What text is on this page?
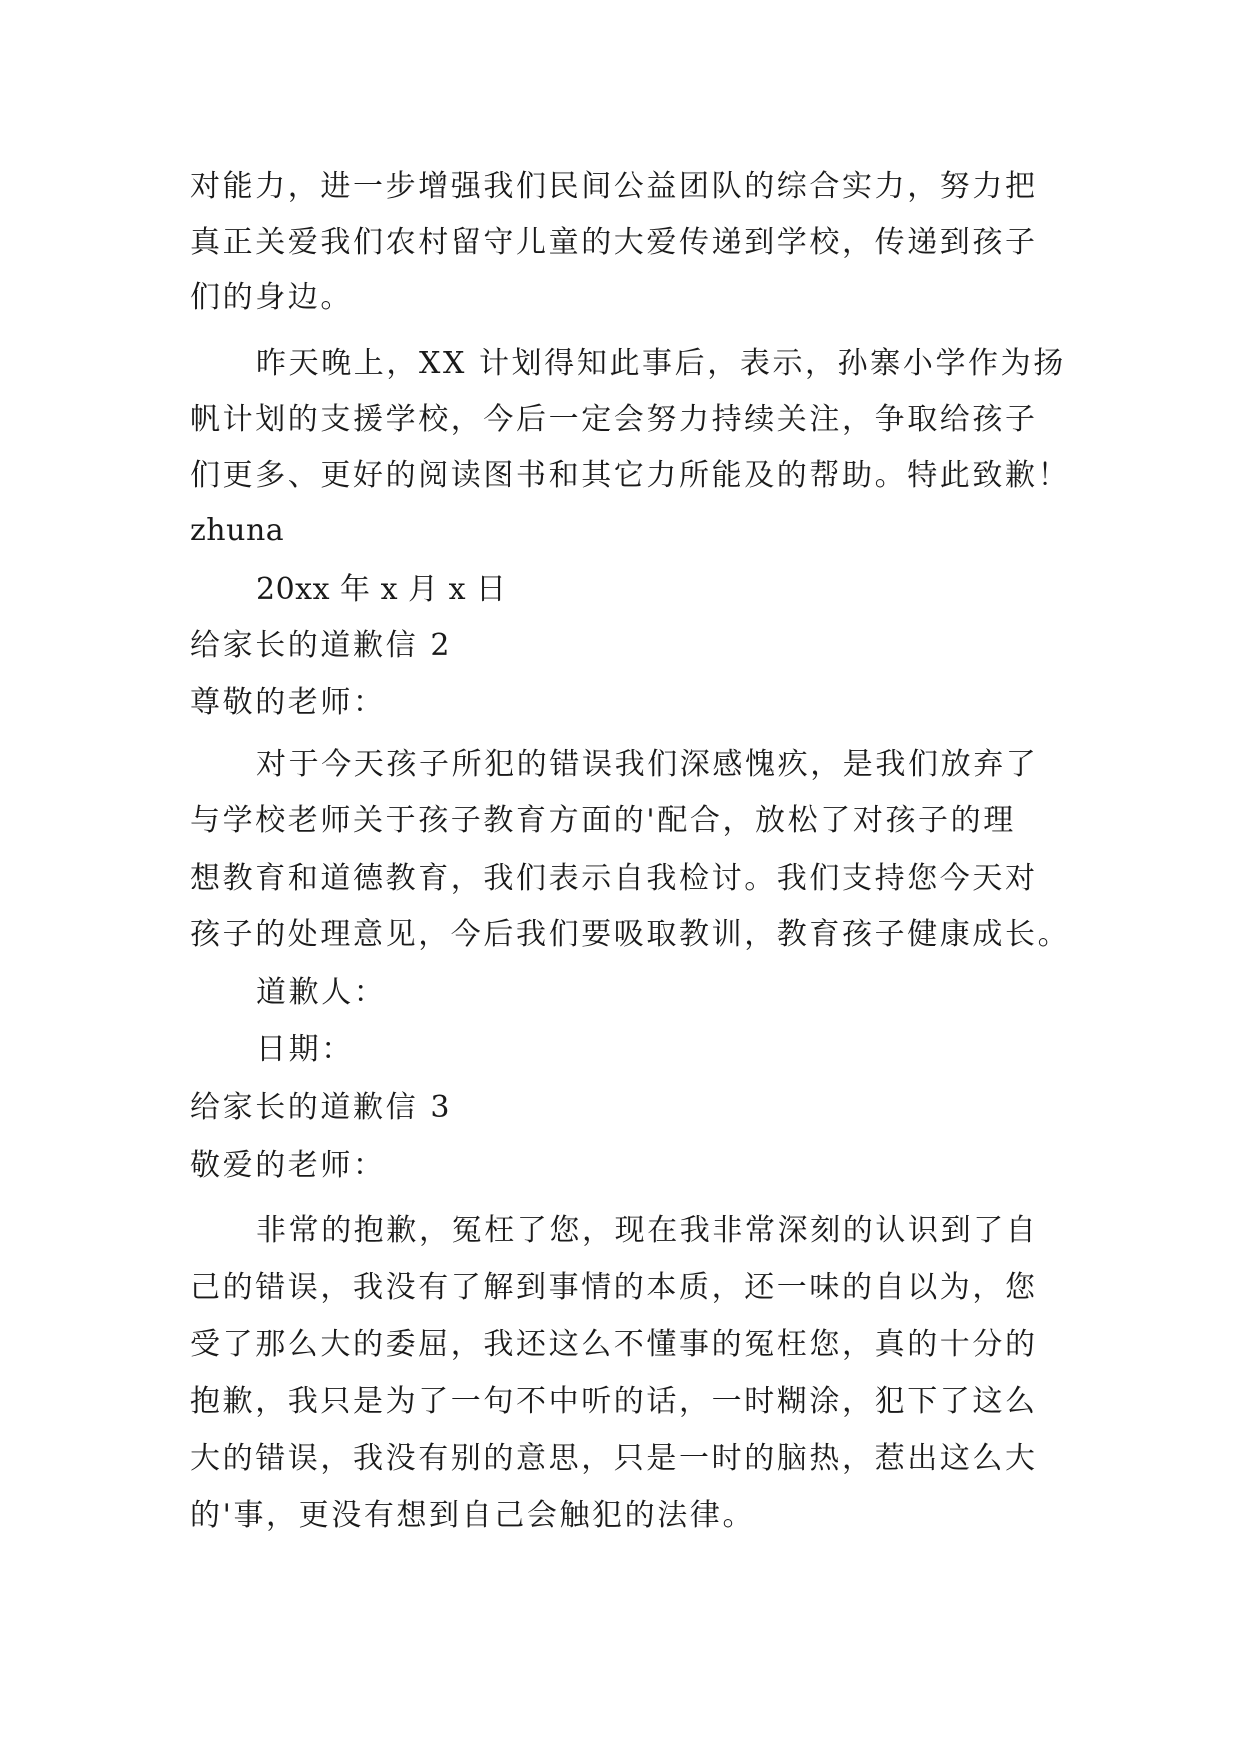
对能力，进一步增强我们民间公益团队的综合实力，努力把
真正关爱我们农村留守儿童的大爱传递到学校，传递到孩子
们的身边。
昨天晚上，XX 计划得知此事后，表示，孙寨小学作为扬
帆计划的支援学校，今后一定会努力持续关注，争取给孩子
们更多、更好的阅读图书和其它力所能及的帮助。特此致歉！
zhuna
20xx 年 x 月 x 日
给家长的道歉信 2
尊敬的老师：
对于今天孩子所犯的错误我们深感愧疚，是我们放弃了
与学校老师关于孩子教育方面的'配合，放松了对孩子的理
想教育和道德教育，我们表示自我检讨。我们支持您今天对
孩子的处理意见，今后我们要吸取教训，教育孩子健康成长。
道歉人：
日期：
给家长的道歉信 3
敬爱的老师：
非常的抱歉，冤枉了您，现在我非常深刻的认识到了自
己的错误，我没有了解到事情的本质，还一味的自以为，您
受了那么大的委屈，我还这么不懂事的冤枉您，真的十分的
抱歉，我只是为了一句不中听的话，一时糊涂，犯下了这么
大的错误，我没有别的意思，只是一时的脑热，惹出这么大
的'事，更没有想到自己会触犯的法律。
